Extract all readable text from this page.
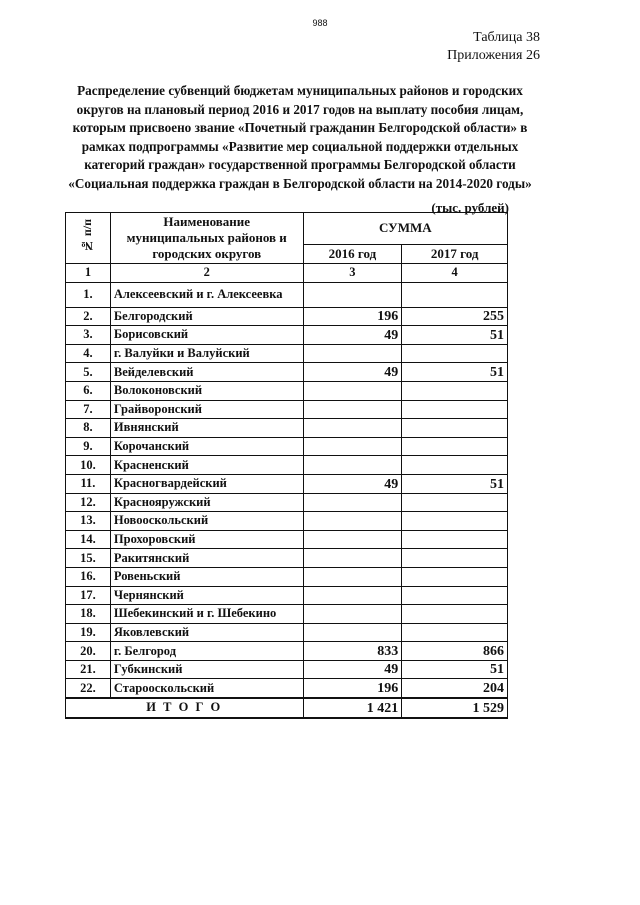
988
Таблица 38
Приложения 26
Распределение субвенций бюджетам муниципальных районов и городских округов на плановый период 2016 и 2017 годов на выплату пособия лицам, которым присвоено звание «Почетный гражданин Белгородской области» в рамках подпрограммы «Развитие мер социальной поддержки отдельных категорий граждан» государственной программы Белгородской области «Социальная поддержка граждан в Белгородской области на 2014-2020 годы»
(тыс. рублей)
№ п/п	Наименование муниципальных районов и городских округов	СУММА	
		2016 год	2017 год
1	2	3	4
1.	Алексеевский и г. Алексеевка		
2.	Белгородский	196	255
3.	Борисовский	49	51
4.	г. Валуйки и Валуйский		
5.	Вейделевский	49	51
6.	Волоконовский		
7.	Грайворонский		
8.	Ивнянский		
9.	Корочанский		
10.	Красненский		
11.	Красногвардейский	49	51
12.	Краснояружский		
13.	Новооскольский		
14.	Прохоровский		
15.	Ракитянский		
16.	Ровеньский		
17.	Чернянский		
18.	Шебекинский и г. Шебекино		
19.	Яковлевский		
20.	г. Белгород	833	866
21.	Губкинский	49	51
22.	Старооскольский	196	204
И Т О Г О		1 421	1 529
